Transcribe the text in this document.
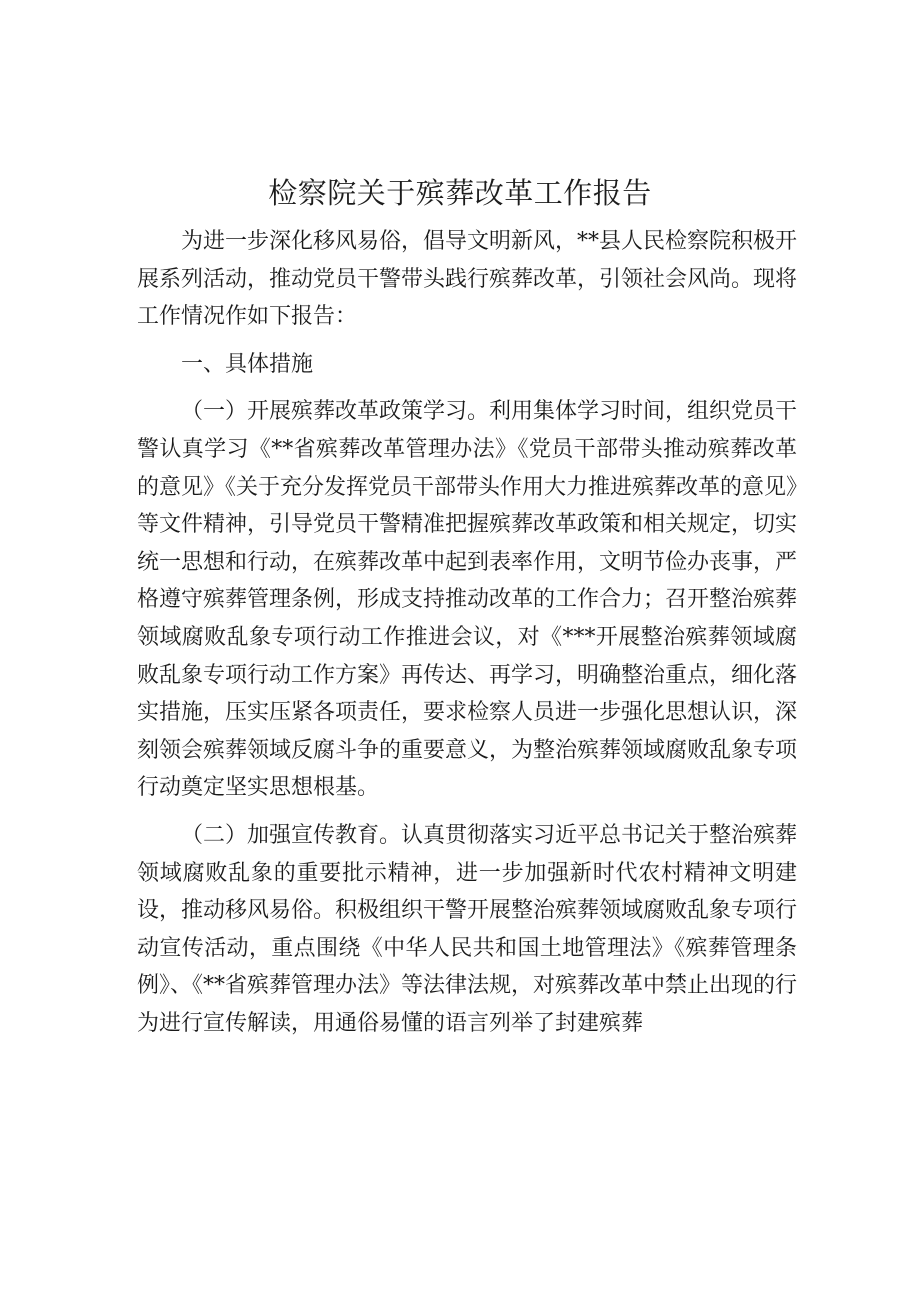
检察院关于殡葬改革工作报告

为进一步深化移风易俗，倡导文明新风，**县人民检察院积极开展系列活动，推动党员干警带头践行殡葬改革，引领社会风尚。现将工作情况作如下报告：

一、具体措施

（一）开展殡葬改革政策学习。利用集体学习时间，组织党员干警认真学习《**省殡葬改革管理办法》《党员干部带头推动殡葬改革的意见》《关于充分发挥党员干部带头作用大力推进殡葬改革的意见》等文件精神，引导党员干警精准把握殡葬改革政策和相关规定，切实统一思想和行动，在殡葬改革中起到表率作用，文明节俭办丧事，严格遵守殡葬管理条例，形成支持推动改革的工作合力；召开整治殡葬领域腐败乱象专项行动工作推进会议，对《***开展整治殡葬领域腐败乱象专项行动工作方案》再传达、再学习，明确整治重点，细化落实措施，压实压紧各项责任，要求检察人员进一步强化思想认识，深刻领会殡葬领域反腐斗争的重要意义，为整治殡葬领域腐败乱象专项行动奠定坚实思想根基。

（二）加强宣传教育。认真贯彻落实习近平总书记关于整治殡葬领域腐败乱象的重要批示精神，进一步加强新时代农村精神文明建设，推动移风易俗。积极组织干警开展整治殡葬领域腐败乱象专项行动宣传活动，重点围绕《中华人民共和国土地管理法》《殡葬管理条例》、《**省殡葬管理办法》等法律法规，对殡葬改革中禁止出现的行为进行宣传解读，用通俗易懂的语言列举了封建殡葬
